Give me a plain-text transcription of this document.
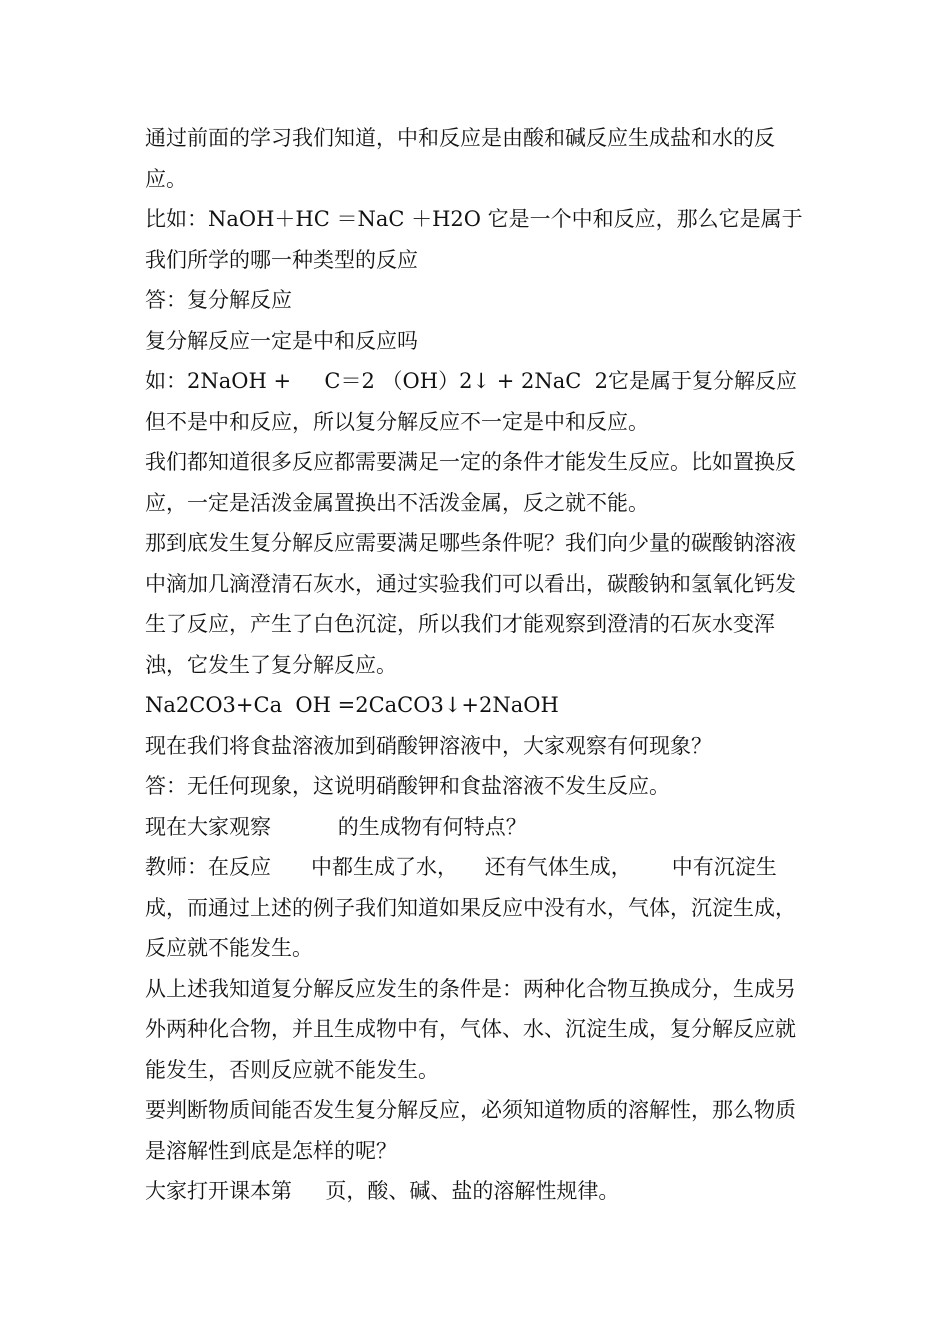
通过前面的学习我们知道，中和反应是由酸和碱反应生成盐和水的反应。

比如：NaOH＋HC ＝NaC ＋H2O 它是一个中和反应，那么它是属于我们所学的哪一种类型的反应

答：复分解反应

复分解反应一定是中和反应吗

如：2NaOH +     C＝2 （OH）2↓ + 2NaC  2它是属于复分解反应但不是中和反应，所以复分解反应不一定是中和反应。

我们都知道很多反应都需要满足一定的条件才能发生反应。比如置换反应，一定是活泼金属置换出不活泼金属，反之就不能。

那到底发生复分解反应需要满足哪些条件呢？我们向少量的碳酸钠溶液中滴加几滴澄清石灰水，通过实验我们可以看出，碳酸钠和氢氧化钙发生了反应，产生了白色沉淀，所以我们才能观察到澄清的石灰水变浑浊，它发生了复分解反应。

Na2CO3+Ca  OH =2CaCO3↓+2NaOH

现在我们将食盐溶液加到硝酸钾溶液中，大家观察有何现象？

答：无任何现象，这说明硝酸钾和食盐溶液不发生反应。

现在大家观察          的生成物有何特点？

教师：在反应      中都生成了水，    还有气体生成，      中有沉淀生成，而通过上述的例子我们知道如果反应中没有水，气体，沉淀生成，反应就不能发生。

从上述我知道复分解反应发生的条件是：两种化合物互换成分，生成另外两种化合物，并且生成物中有，气体、水、沉淀生成，复分解反应就能发生，否则反应就不能发生。

要判断物质间能否发生复分解反应，必须知道物质的溶解性，那么物质是溶解性到底是怎样的呢？

大家打开课本第     页，酸、碱、盐的溶解性规律。
